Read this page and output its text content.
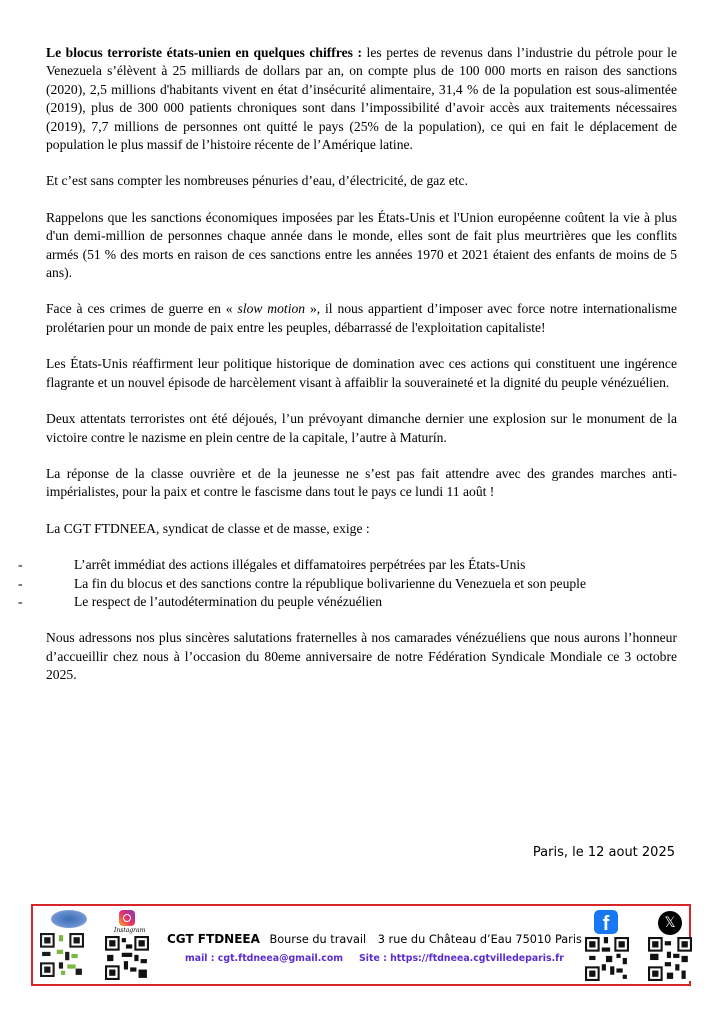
Le blocus terroriste états-unien en quelques chiffres : les pertes de revenus dans l’industrie du pétrole pour le Venezuela s’élèvent à 25 milliards de dollars par an, on compte plus de 100 000 morts en raison des sanctions (2020), 2,5 millions d'habitants vivent en état d’insécurité alimentaire, 31,4 % de la population est sous-alimentée (2019), plus de 300 000 patients chroniques sont dans l’impossibilité d’avoir accès aux traitements nécessaires (2019), 7,7 millions de personnes ont quitté le pays (25% de la population), ce qui en fait le déplacement de population le plus massif de l’histoire récente de l’Amérique latine.

Et c’est sans compter les nombreuses pénuries d’eau, d’électricité, de gaz etc.

Rappelons que les sanctions économiques imposées par les États-Unis et l'Union européenne coûtent la vie à plus d'un demi-million de personnes chaque année dans le monde, elles sont de fait plus meurtrières que les conflits armés (51 % des morts en raison de ces sanctions entre les années 1970 et 2021 étaient des enfants de moins de 5 ans).

Face à ces crimes de guerre en « slow motion », il nous appartient d’imposer avec force notre internationalisme prolétarien pour un monde de paix entre les peuples, débarrassé de l'exploitation capitaliste!

Les États-Unis réaffirment leur politique historique de domination avec ces actions qui constituent une ingérence flagrante et un nouvel épisode de harcèlement visant à affaiblir la souveraineté et la dignité du peuple vénézuélien.

Deux attentats terroristes ont été déjoués, l’un prévoyant dimanche dernier une explosion sur le monument de la victoire contre le nazisme en plein centre de la capitale, l’autre à Maturín.

La réponse de la classe ouvrière et de la jeunesse ne s’est pas fait attendre avec des grandes marches anti-impérialistes, pour la paix et contre le fascisme dans tout le pays ce lundi 11 août !

La CGT FTDNEEA, syndicat de classe et de masse, exige :

-	L’arrêt immédiat des actions illégales et diffamatoires perpétrées par les États-Unis
-	La fin du blocus et des sanctions contre la république bolivarienne du Venezuela et son peuple
-	Le respect de l’autodétermination du peuple vénézuélien

Nous adressons nos plus sincères salutations fraternelles à nos camarades vénézuéliens que nous aurons l’honneur d’accueillir chez nous à l’occasion du 80eme anniversaire de notre Fédération Syndicale Mondiale ce 3 octobre 2025.

Paris, le 12 aout 2025
Instagram
CGT FTDNEEA Bourse du travail 3 rue du Château d’Eau 75010 Paris
mail : cgt.ftdneea@gmail.com Site : https://ftdneea.cgtvilledeparis.fr
f	𝕏
